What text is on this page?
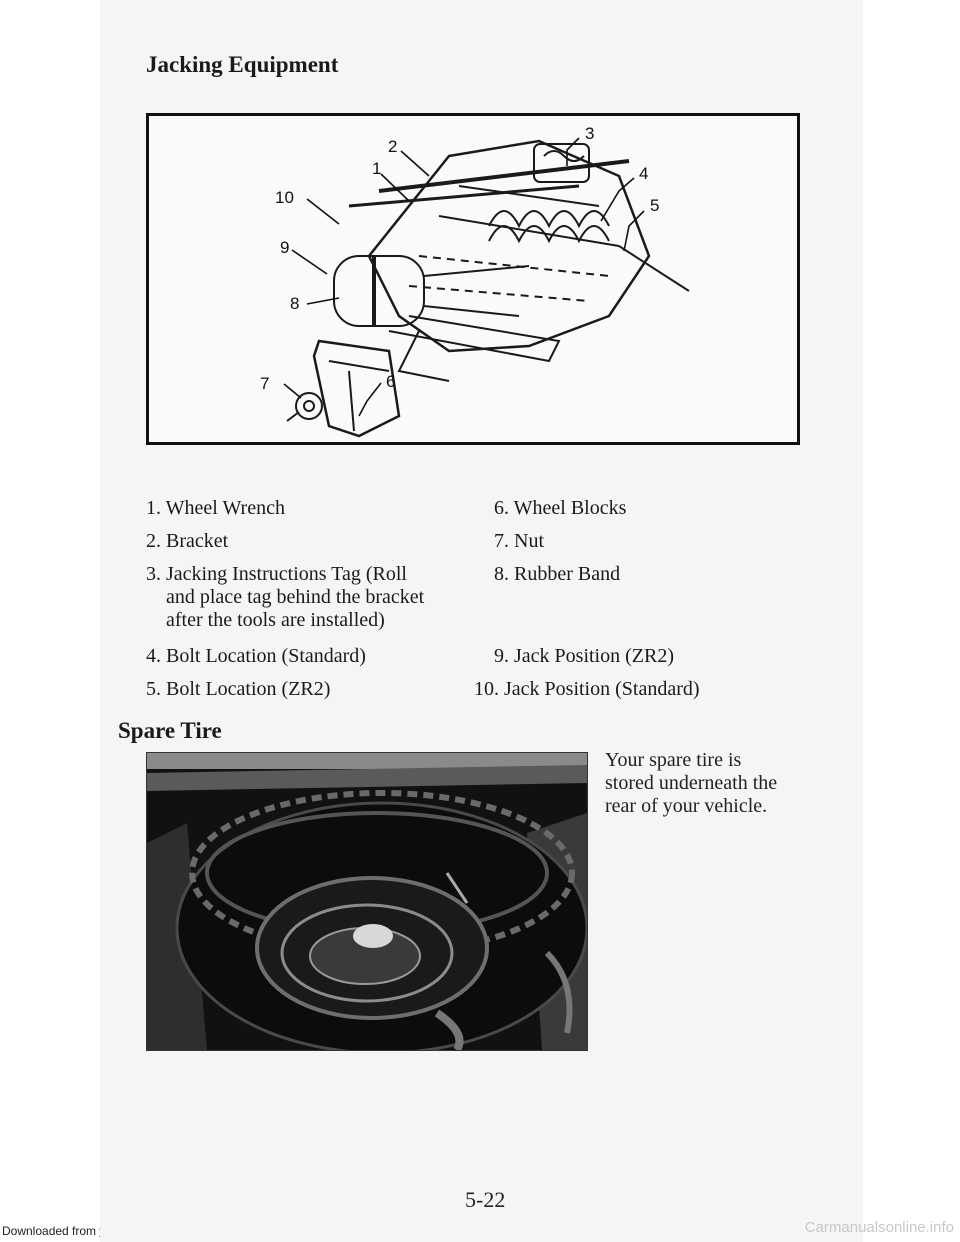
Downloaded from
Jacking Equipment
1
2
3
4
5
6
7
8
9
10
1. Wheel Wrench
2. Bracket
3. Jacking Instructions Tag (Roll
and place tag behind the bracket
after the tools are installed)
4. Bolt Location (Standard)
5. Bolt Location (ZR2)
6. Wheel Blocks
7. Nut
8. Rubber Band
9. Jack Position (ZR2)
10. Jack Position (Standard)
Spare Tire
Your spare tire is
stored underneath the
rear of your vehicle.
5-22
Carmanualsonline.info
